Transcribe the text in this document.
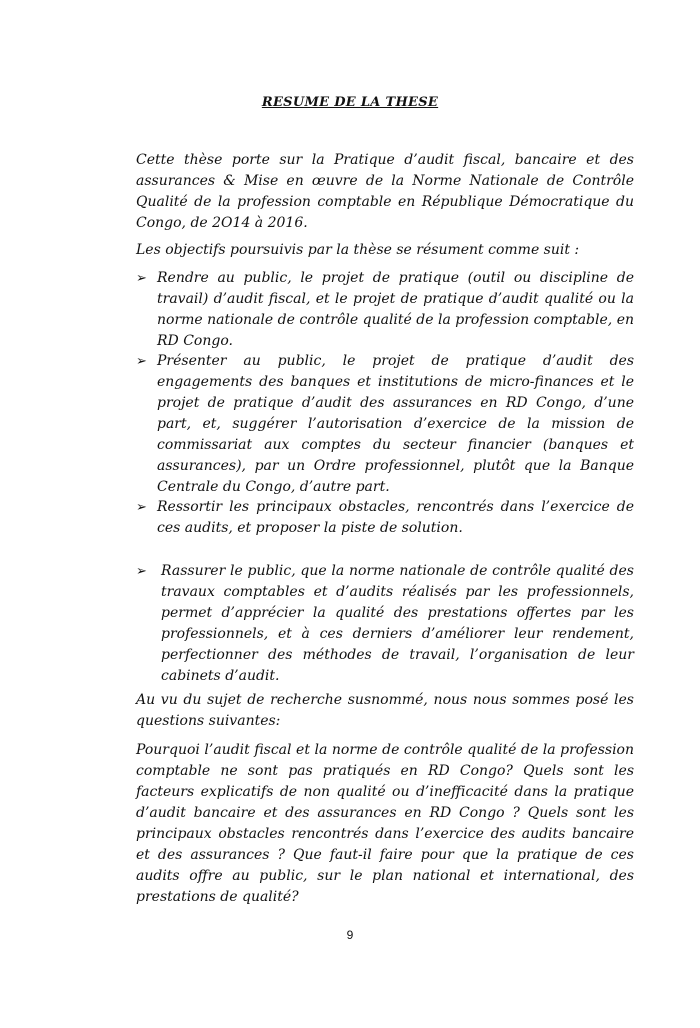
RESUME DE LA THESE
Cette thèse porte sur la Pratique d’audit fiscal, bancaire et des assurances & Mise en œuvre de la Norme Nationale de Contrôle Qualité de la profession comptable en République Démocratique du Congo, de 2O14 à 2016.
Les objectifs poursuivis par la thèse se résument comme suit :
➢ Rendre au public, le projet de pratique (outil ou discipline de travail) d’audit fiscal, et le projet de pratique d’audit qualité ou la norme nationale de contrôle qualité de la profession comptable, en RD Congo.
➢ Présenter au public, le projet de pratique d’audit des engagements des banques et institutions de micro-finances et le projet de pratique d’audit des assurances en RD Congo, d’une part, et, suggérer l’autorisation d’exercice de la mission de commissariat aux comptes du secteur financier (banques et assurances), par un Ordre professionnel, plutôt que la Banque Centrale du Congo, d’autre part.
➢ Ressortir les principaux obstacles, rencontrés dans l’exercice de ces audits, et proposer la piste de solution.
➢	Rassurer le public, que la norme nationale de contrôle qualité des travaux comptables et d’audits réalisés par les professionnels, permet d’apprécier la qualité des prestations offertes par les professionnels, et à ces derniers d’améliorer leur rendement, perfectionner des méthodes de travail, l’organisation de leur cabinets d’audit.
Au vu du sujet de recherche susnommé, nous nous sommes posé les questions suivantes:
Pourquoi l’audit fiscal et la norme de contrôle qualité de la profession comptable ne sont pas pratiqués en RD Congo? Quels sont les facteurs explicatifs de non qualité ou d’inefficacité dans la pratique d’audit bancaire et des assurances en RD Congo ? Quels sont les principaux obstacles rencontrés dans l’exercice des audits bancaire et des assurances ? Que faut-il faire pour que la pratique de ces audits offre au public, sur le plan national et international, des prestations de qualité?
9
